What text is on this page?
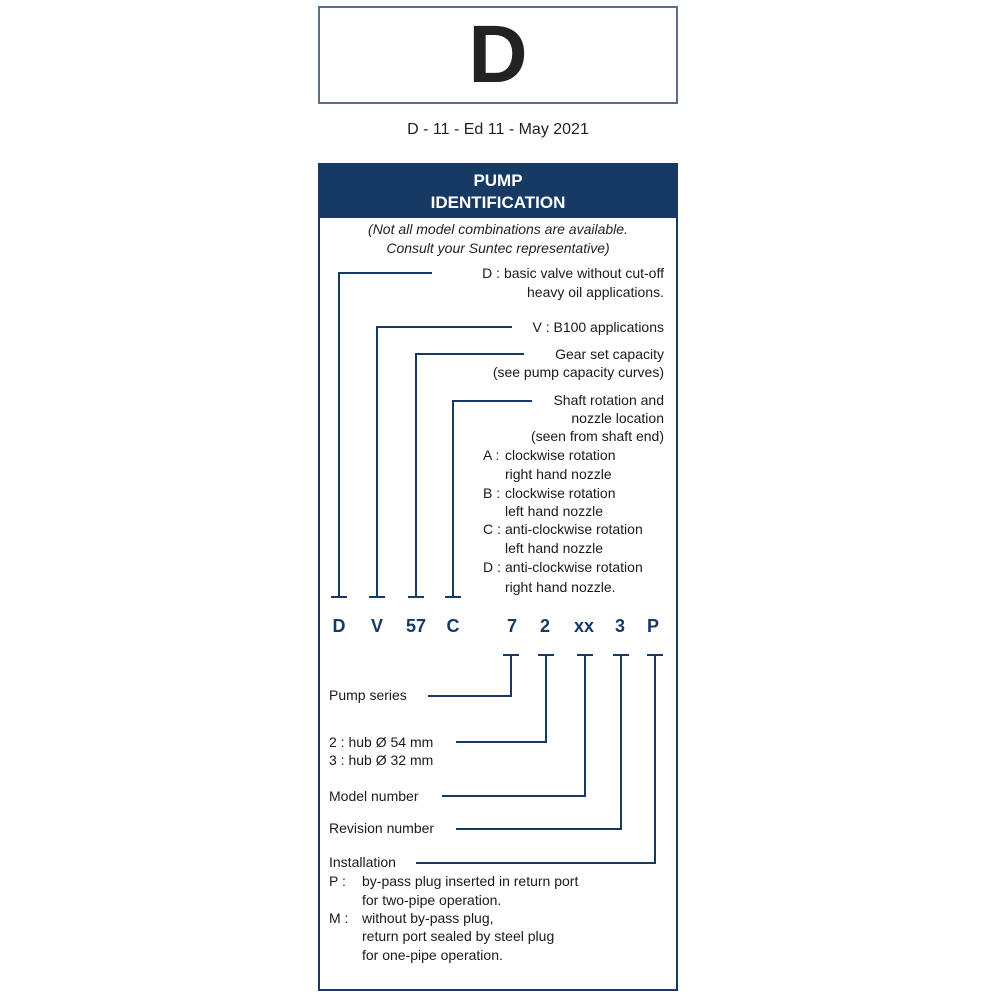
D
D - 11 - Ed 11 - May 2021
PUMP
IDENTIFICATION
(Not all model combinations are available.
Consult your Suntec representative)
D : basic valve without cut-off
heavy oil applications.
V : B100 applications
Gear set capacity
(see pump capacity curves)
Shaft rotation and
nozzle location
(seen from shaft end)
A : clockwise rotation
right hand nozzle
B : clockwise rotation
left hand nozzle
C : anti-clockwise rotation
left hand nozzle
D : anti-clockwise rotation
right hand nozzle.
D V 57 C	7 2 xx 3 P
Pump series
2 : hub Ø 54 mm
3 : hub Ø 32 mm
Model number
Revision number
Installation
P : by-pass plug inserted in return port
for two-pipe operation.
M : without by-pass plug,
return port sealed by steel plug
for one-pipe operation.
